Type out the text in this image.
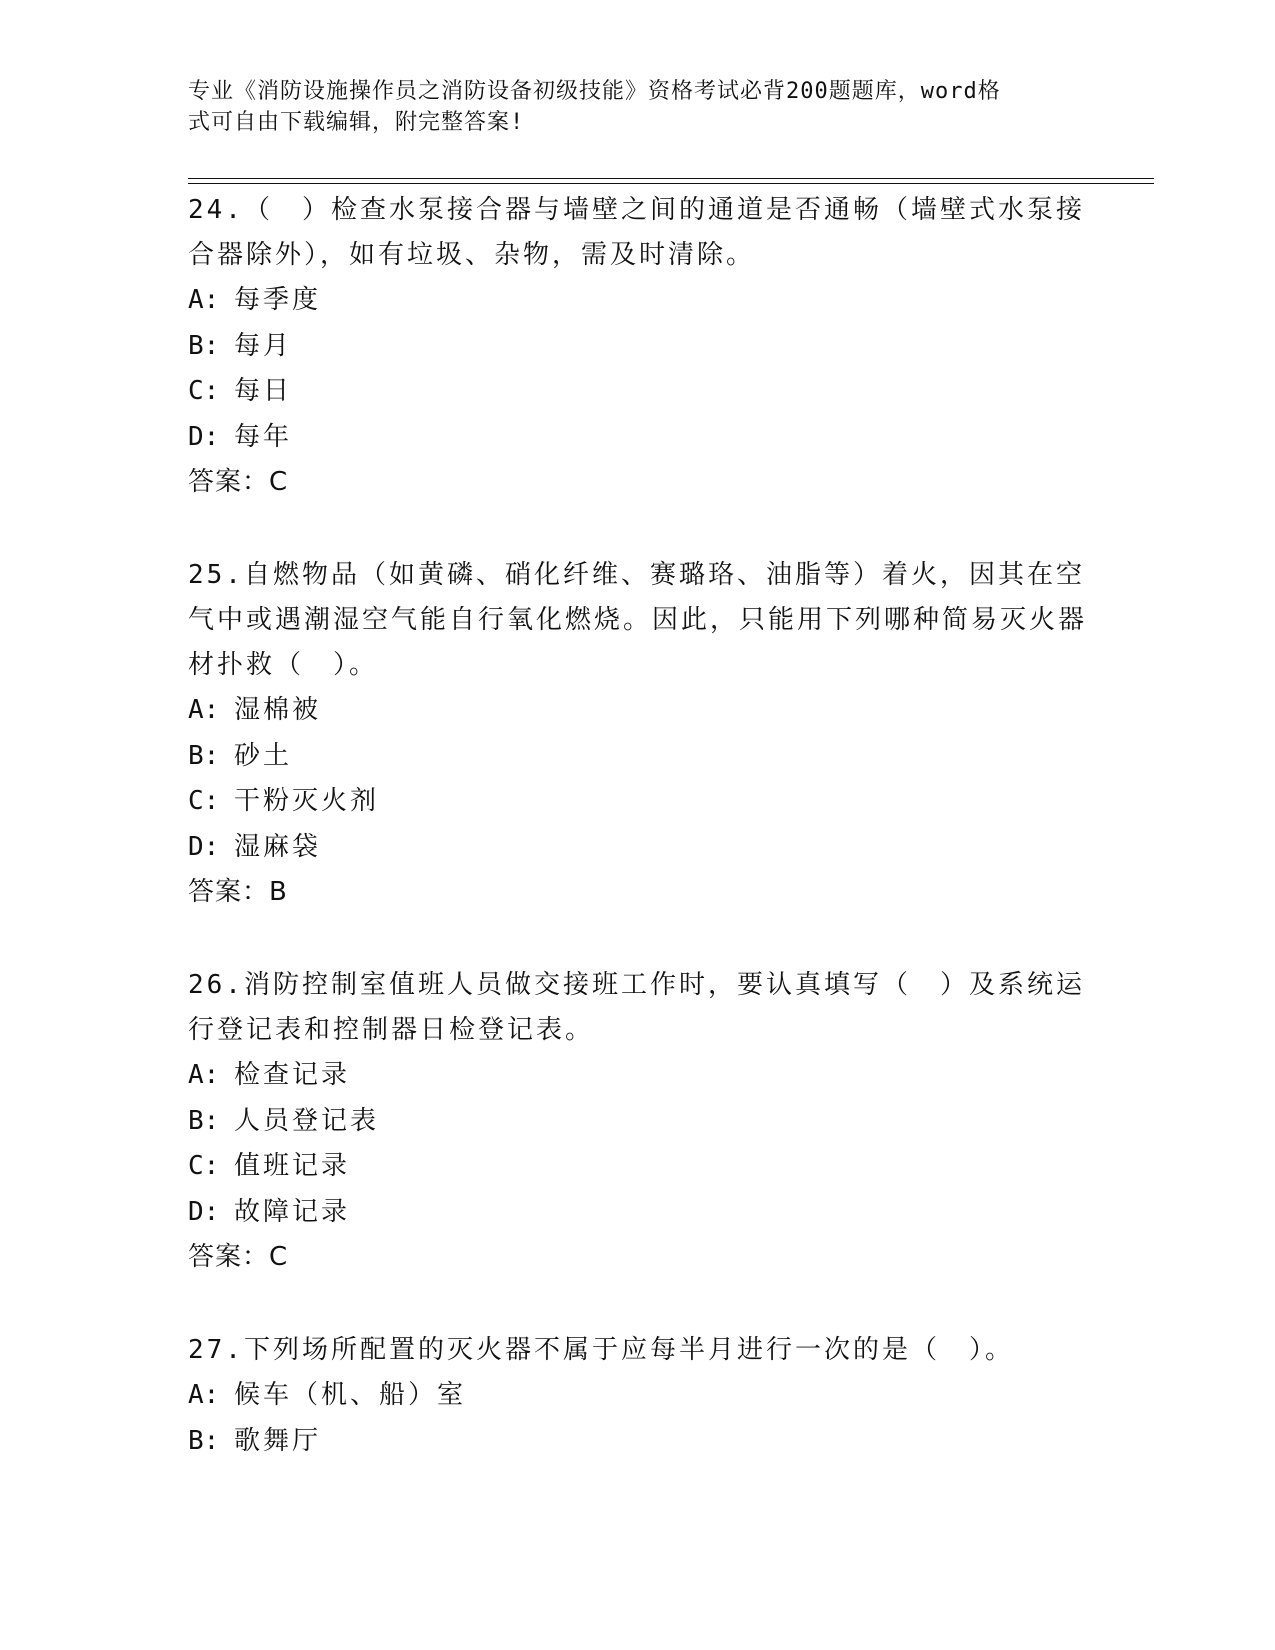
专业《消防设施操作员之消防设备初级技能》资格考试必背200题题库，word格
式可自由下载编辑，附完整答案!
24.（　）检查水泵接合器与墙壁之间的通道是否通畅（墙壁式水泵接合器除外），如有垃圾、杂物，需及时清除。
A: 每季度
B: 每月
C: 每日
D: 每年
答案：C
25.自燃物品（如黄磷、硝化纤维、赛璐珞、油脂等）着火，因其在空气中或遇潮湿空气能自行氧化燃烧。因此，只能用下列哪种简易灭火器材扑救（　）。
A: 湿棉被
B: 砂土
C: 干粉灭火剂
D: 湿麻袋
答案：B
26.消防控制室值班人员做交接班工作时，要认真填写（　）及系统运行登记表和控制器日检登记表。
A: 检查记录
B: 人员登记表
C: 值班记录
D: 故障记录
答案：C
27.下列场所配置的灭火器不属于应每半月进行一次的是（　）。
A: 候车（机、船）室
B: 歌舞厅
